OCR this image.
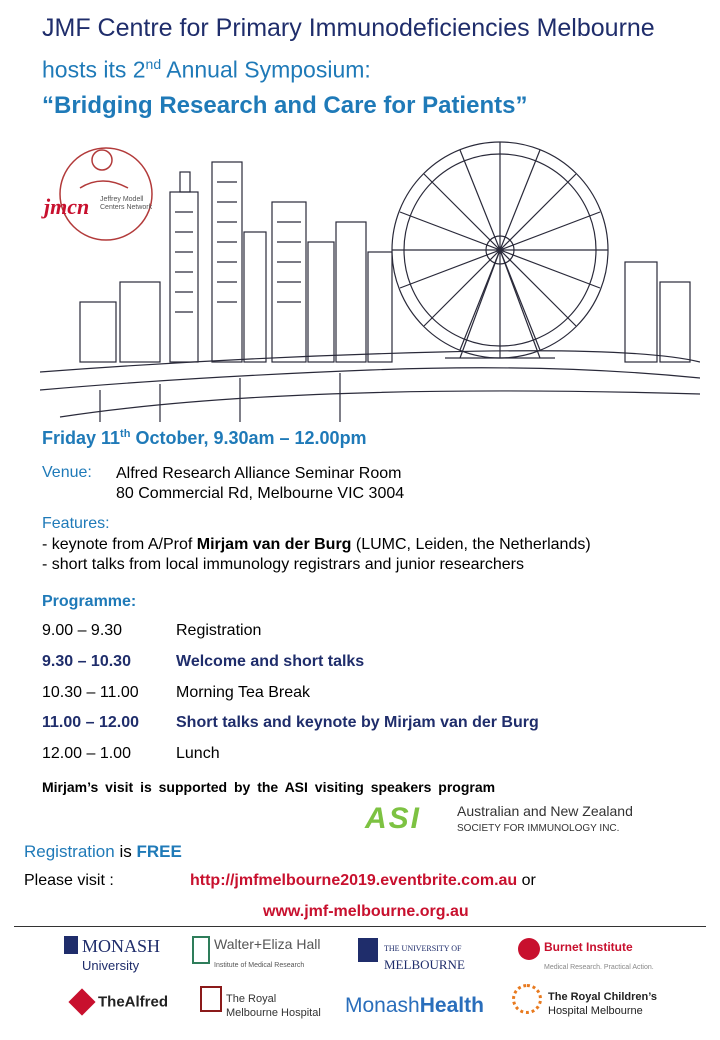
JMF Centre for Primary Immunodeficiencies Melbourne
hosts its 2nd Annual Symposium:
“Bridging Research and Care for Patients”
jmcn Jeffrey Modell
Centers Network
Friday 11th October, 9.30am – 12.00pm
Venue: Alfred Research Alliance Seminar Room
80 Commercial Rd, Melbourne VIC 3004
Features:
- keynote from A/Prof Mirjam van der Burg (LUMC, Leiden, the Netherlands)
- short talks from local immunology registrars and junior researchers
Programme:
9.00 – 9.30	Registration
9.30 – 10.30	Welcome and short talks
10.30 – 11.00 Morning Tea Break
11.00 – 12.00 Short talks and keynote by Mirjam van der Burg
12.00 – 1.00	Lunch
Mirjam’s visit is supported by the ASI visiting speakers program
ASI	Australian and New Zealand
SOCIETY FOR IMMUNOLOGY INC.
Registration is FREE
Please visit :	http://jmfmelbourne2019.eventbrite.com.au or
www.jmf-melbourne.org.au
MONASH
University
Walter+Eliza Hall
Institute of Medical Research
THE UNIVERSITY OF
MELBOURNE
Burnet Institute
Medical Research. Practical Action.
TheAlfred	The Royal
Melbourne Hospital MonashHealth	The Royal Children’s
Hospital Melbourne
